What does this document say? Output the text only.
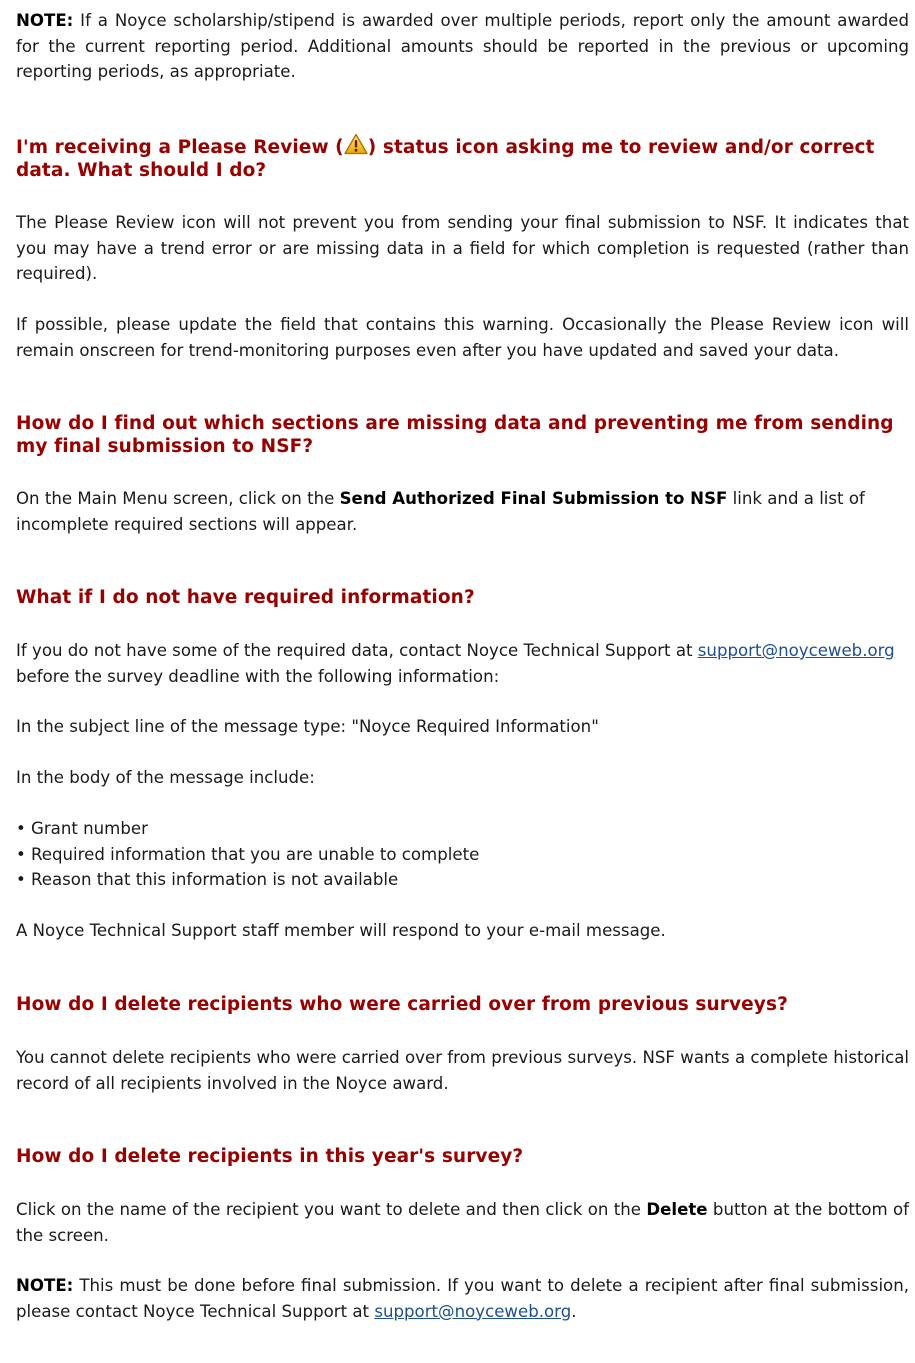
NOTE: If a Noyce scholarship/stipend is awarded over multiple periods, report only the amount awarded for the current reporting period. Additional amounts should be reported in the previous or upcoming reporting periods, as appropriate.

I'm receiving a Please Review ( ) status icon asking me to review and/or correct data. What should I do?

The Please Review icon will not prevent you from sending your final submission to NSF. It indicates that you may have a trend error or are missing data in a field for which completion is requested (rather than required).

If possible, please update the field that contains this warning. Occasionally the Please Review icon will remain onscreen for trend-monitoring purposes even after you have updated and saved your data.

How do I find out which sections are missing data and preventing me from sending my final submission to NSF?

On the Main Menu screen, click on the Send Authorized Final Submission to NSF link and a list of incomplete required sections will appear.

What if I do not have required information?

If you do not have some of the required data, contact Noyce Technical Support at support@noyceweb.org before the survey deadline with the following information:

In the subject line of the message type: "Noyce Required Information"

In the body of the message include:

• Grant number
• Required information that you are unable to complete
• Reason that this information is not available

A Noyce Technical Support staff member will respond to your e-mail message.

How do I delete recipients who were carried over from previous surveys?

You cannot delete recipients who were carried over from previous surveys. NSF wants a complete historical record of all recipients involved in the Noyce award.

How do I delete recipients in this year's survey?

Click on the name of the recipient you want to delete and then click on the Delete button at the bottom of the screen.

NOTE: This must be done before final submission. If you want to delete a recipient after final submission, please contact Noyce Technical Support at support@noyceweb.org.
